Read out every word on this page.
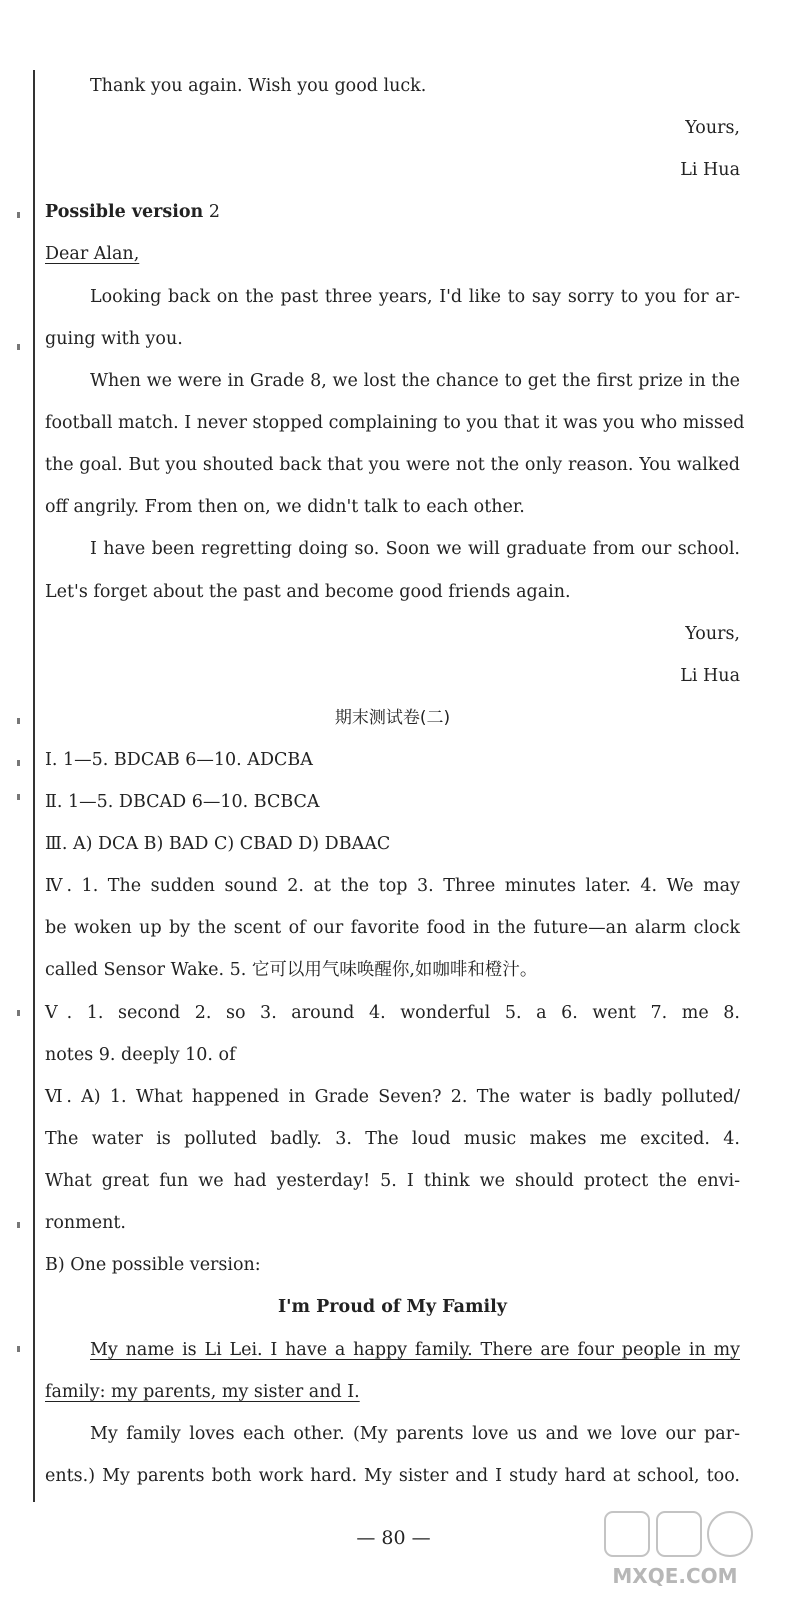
Thank you again. Wish you good luck.
Yours,
Li Hua
Possible version 2
Dear Alan,
Looking back on the past three years, I'd like to say sorry to you for ar-
guing with you.
When we were in Grade 8, we lost the chance to get the first prize in the
football match. I never stopped complaining to you that it was you who missed
the goal. But you shouted back that you were not the only reason. You walked
off angrily. From then on, we didn't talk to each other.
I have been regretting doing so. Soon we will graduate from our school.
Let's forget about the past and become good friends again.
Yours,
Li Hua
期末测试卷(二)
Ⅰ. 1—5. BDCAB 6—10. ADCBA
Ⅱ. 1—5. DBCAD 6—10. BCBCA
Ⅲ. A) DCA B) BAD C) CBAD D) DBAAC
Ⅳ. 1. The sudden sound 2. at the top 3. Three minutes later. 4. We may
be woken up by the scent of our favorite food in the future—an alarm clock
called Sensor Wake. 5. 它可以用气味唤醒你,如咖啡和橙汁。
Ⅴ. 1. second 2. so 3. around 4. wonderful 5. a 6. went 7. me 8.
notes 9. deeply 10. of
Ⅵ. A) 1. What happened in Grade Seven? 2. The water is badly polluted/
The water is polluted badly. 3. The loud music makes me excited. 4.
What great fun we had yesterday! 5. I think we should protect the envi-
ronment.
B) One possible version:
I'm Proud of My Family
My name is Li Lei. I have a happy family. There are four people in my
family: my parents, my sister and I.
My family loves each other. (My parents love us and we love our par-
ents.) My parents both work hard. My sister and I study hard at school, too.
— 80 —
MXQE.COM
